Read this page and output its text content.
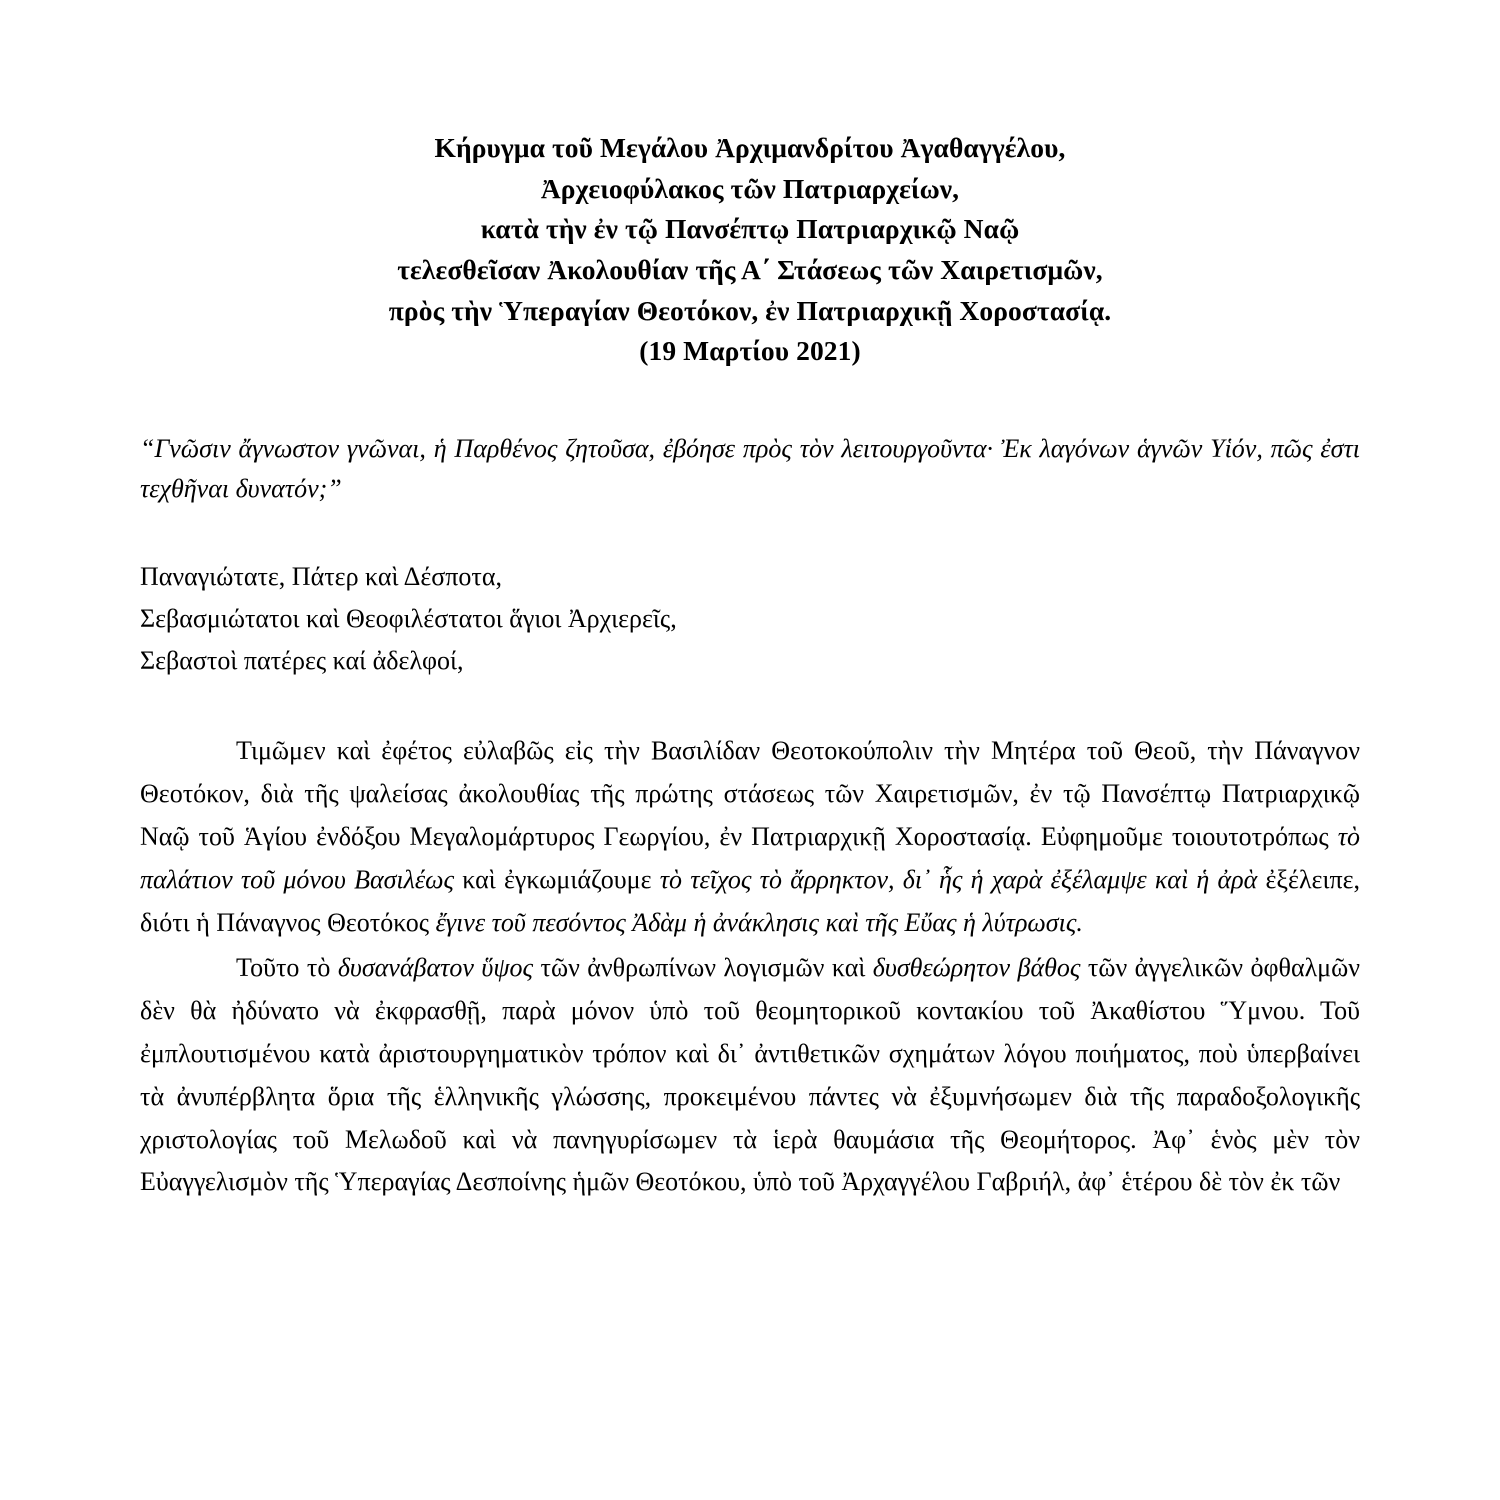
Κήρυγμα τοῦ Μεγάλου Ἀρχιμανδρίτου Ἀγαθαγγέλου,
Ἀρχειοφύλακος τῶν Πατριαρχείων,
κατὰ τὴν ἐν τῷ Πανσέπτῳ Πατριαρχικῷ Ναῷ
τελεσθεῖσαν Ἀκολουθίαν τῆς Α΄ Στάσεως τῶν Χαιρετισμῶν,
πρὸς τὴν Ὑπεραγίαν Θεοτόκον, ἐν Πατριαρχικῇ Χοροστασίᾳ.
(19 Μαρτίου 2021)

“Γνῶσιν ἄγνωστον γνῶναι, ἡ Παρθένος ζητοῦσα, ἐβόησε πρὸς τὸν λειτουργοῦντα· Ἐκ λαγόνων ἁγνῶν Υἱόν, πῶς ἐστι τεχθῆναι δυνατόν;”

Παναγιώτατε, Πάτερ καὶ Δέσποτα,
Σεβασμιώτατοι καὶ Θεοφιλέστατοι ἅγιοι Ἀρχιερεῖς,
Σεβαστοὶ πατέρες καί ἀδελφοί,

Τιμῶμεν καὶ ἐφέτος εὐλαβῶς εἰς τὴν Βασιλίδαν Θεοτοκούπολιν τὴν Μητέρα τοῦ Θεοῦ, τὴν Πάναγνον Θεοτόκον, διὰ τῆς ψαλείσας ἀκολουθίας τῆς πρώτης στάσεως τῶν Χαιρετισμῶν, ἐν τῷ Πανσέπτῳ Πατριαρχικῷ Ναῷ τοῦ Ἁγίου ἐνδόξου Μεγαλομάρτυρος Γεωργίου, ἐν Πατριαρχικῇ Χοροστασίᾳ. Εὐφημοῦμε τοιουτοτρόπως τὸ παλάτιον τοῦ μόνου Βασιλέως καὶ ἐγκωμιάζουμε τὸ τεῖχος τὸ ἄρρηκτον, δι᾿ ἧς ἡ χαρὰ ἐξέλαμψε καὶ ἡ ἀρὰ ἐξέλειπε, διότι ἡ Πάναγνος Θεοτόκος ἔγινε τοῦ πεσόντος Ἀδὰμ ἡ ἀνάκλησις καὶ τῆς Εὔας ἡ λύτρωσις.

Τοῦτο τὸ δυσανάβατον ὕψος τῶν ἀνθρωπίνων λογισμῶν καὶ δυσθεώρητον βάθος τῶν ἀγγελικῶν ὀφθαλμῶν δὲν θὰ ἠδύνατο νὰ ἐκφρασθῇ, παρὰ μόνον ὑπὸ τοῦ θεομητορικοῦ κοντακίου τοῦ Ἀκαθίστου Ὕμνου. Τοῦ ἐμπλουτισμένου κατὰ ἀριστουργηματικὸν τρόπον καὶ δι᾿ ἀντιθετικῶν σχημάτων λόγου ποιήματος, ποὺ ὑπερβαίνει τὰ ἀνυπέρβλητα ὅρια τῆς ἑλληνικῆς γλώσσης, προκειμένου πάντες νὰ ἐξυμνήσωμεν διὰ τῆς παραδοξολογικῆς χριστολογίας τοῦ Μελωδοῦ καὶ νὰ πανηγυρίσωμεν τὰ ἱερὰ θαυμάσια τῆς Θεομήτορος. Ἀφ᾿ ἑνὸς μὲν τὸν Εὐαγγελισμὸν τῆς Ὑπεραγίας Δεσποίνης ἡμῶν Θεοτόκου, ὑπὸ τοῦ Ἀρχαγγέλου Γαβριήλ, ἀφ᾿ ἑτέρου δὲ τὸν ἐκ τῶν
